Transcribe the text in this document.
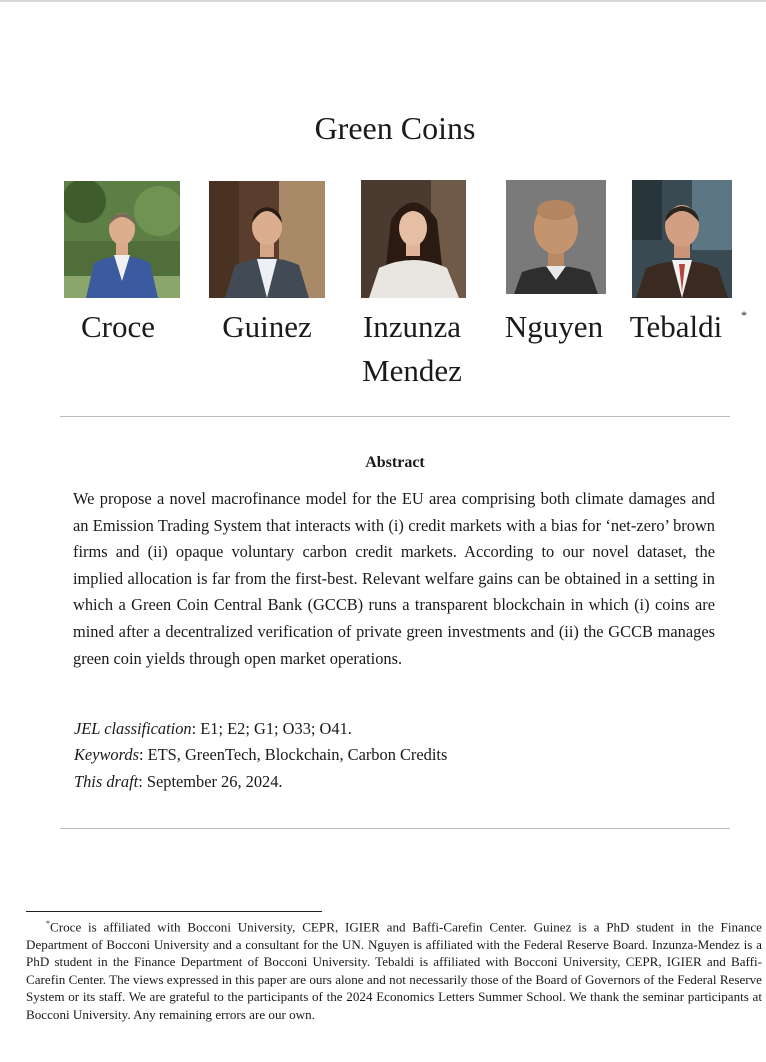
Green Coins
Croce	Guinez	Inzunza
Mendez
Nguyen Tebaldi	*
Abstract

We propose a novel macrofinance model for the EU area comprising both climate damages and an Emission Trading System that interacts with (i) credit markets with a bias for ‘net-zero’ brown firms and (ii) opaque voluntary carbon credit markets. According to our novel dataset, the implied allocation is far from the first-best. Relevant welfare gains can be obtained in a setting in which a Green Coin Central Bank (GCCB) runs a transparent blockchain in which (i) coins are mined after a decentralized verification of private green investments and (ii) the GCCB manages green coin yields through open market operations.

JEL classification: E1; E2; G1; O33; O41.
Keywords: ETS, GreenTech, Blockchain, Carbon Credits
This draft: September 26, 2024.

*Croce is affiliated with Bocconi University, CEPR, IGIER and Baffi-Carefin Center. Guinez is a PhD student in the Finance Department of Bocconi University and a consultant for the UN. Nguyen is affiliated with the Federal Reserve Board. Inzunza-Mendez is a PhD student in the Finance Department of Bocconi University. Tebaldi is affiliated with Bocconi University, CEPR, IGIER and Baffi-Carefin Center. The views expressed in this paper are ours alone and not necessarily those of the Board of Governors of the Federal Reserve System or its staff. We are grateful to the participants of the 2024 Economics Letters Summer School. We thank the seminar participants at Bocconi University. Any remaining errors are our own.
